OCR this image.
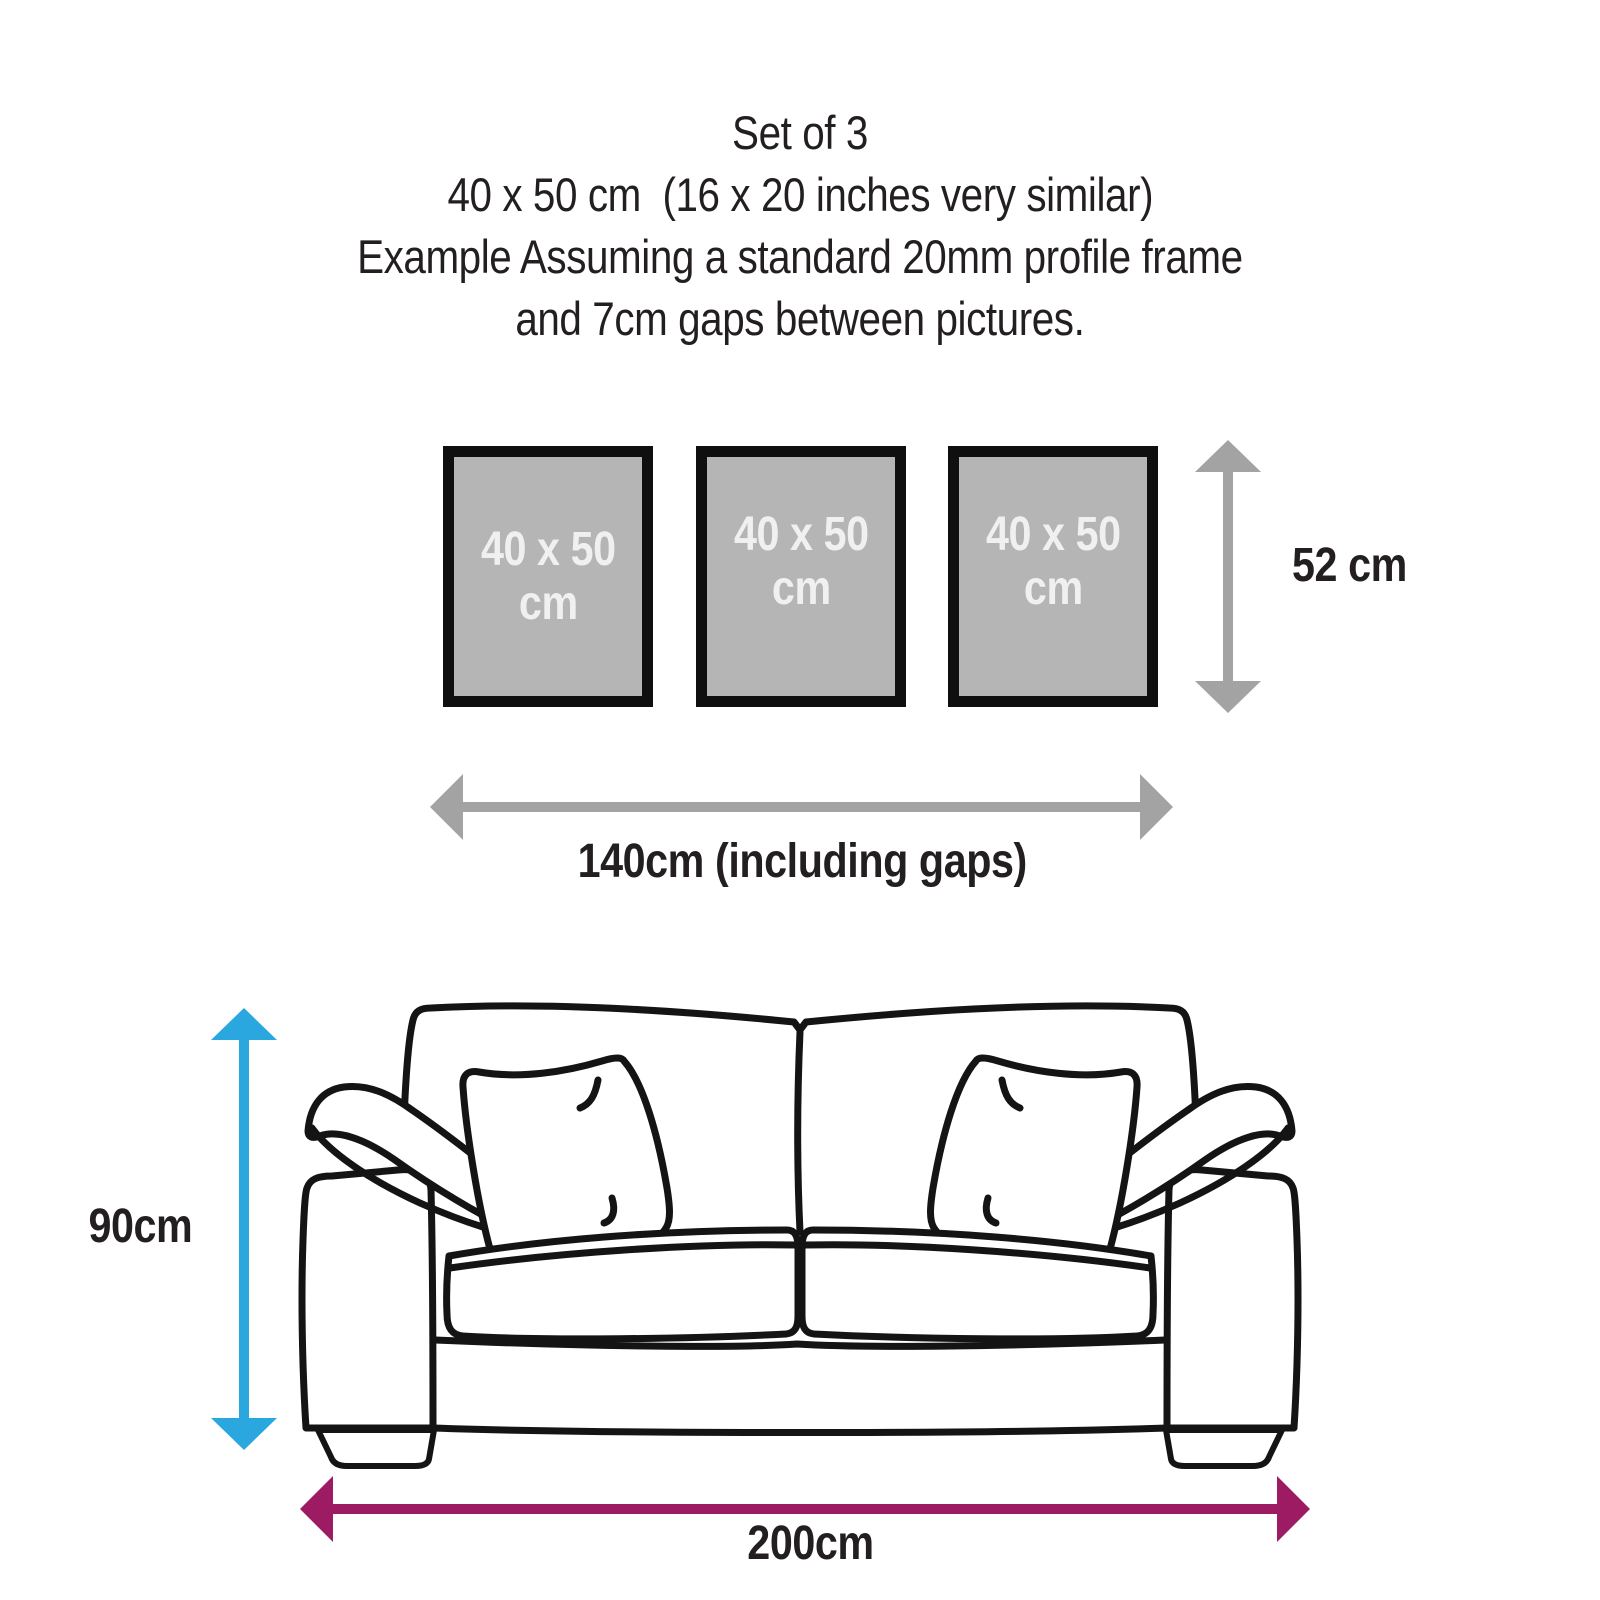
Set of 3
40 x 50 cm  (16 x 20 inches very similar)
Example Assuming a standard 20mm profile frame
and 7cm gaps between pictures.
40 x 50
cm
40 x 50
cm
40 x 50
cm	52 cm
140cm (including gaps)
90cm
200cm
